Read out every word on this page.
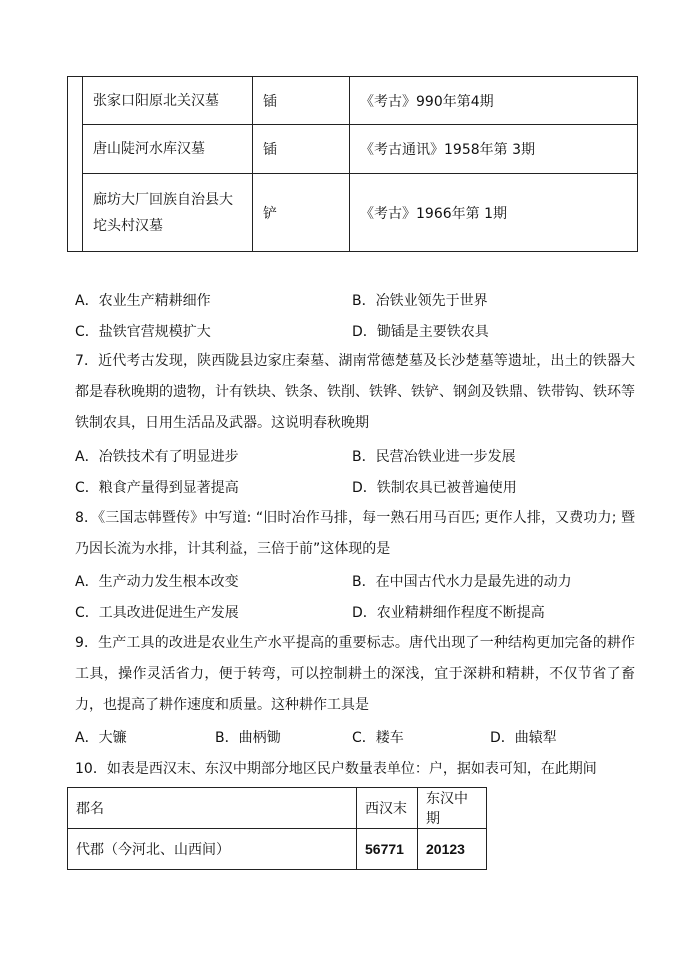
	张家口阳原北关汉墓	锸	《考古》990年第4期
	唐山陡河水库汉墓	锸	《考古通讯》1958年第 3期
	廊坊大厂回族自治县大坨头村汉墓	铲	《考古》1966年第 1期
A．农业生产精耕细作	B．冶铁业领先于世界
C．盐铁官营规模扩大	D．锄锸是主要铁农具
7．近代考古发现，陕西陇县边家庄秦墓、湖南常德楚墓及长沙楚墓等遗址，出土的铁器大都是春秋晚期的遗物，计有铁块、铁条、铁削、铁铧、铁铲、钢剑及铁鼎、铁带钩、铁环等铁制农具，日用生活品及武器。这说明春秋晚期
A．冶铁技术有了明显进步	B．民营冶铁业进一步发展
C．粮食产量得到显著提高	D．铁制农具已被普遍使用
8．《三国志韩暨传》中写道: “旧时冶作马排，每一熟石用马百匹; 更作人排，又费功力; 暨乃因长流为水排，计其利益，三倍于前”这体现的是
A．生产动力发生根本改变	B．在中国古代水力是最先进的动力
C．工具改进促进生产发展	D．农业精耕细作程度不断提高
9．生产工具的改进是农业生产水平提高的重要标志。唐代出现了一种结构更加完备的耕作工具，操作灵活省力，便于转弯，可以控制耕土的深浅，宜于深耕和精耕，不仅节省了畜力，也提高了耕作速度和质量。这种耕作工具是
A．大镰	B．曲柄锄	C．耧车	D．曲辕犁
10．如表是西汉末、东汉中期部分地区民户数量表单位：户，据如表可知，在此期间
郡名	西汉末	东汉中期
代郡（今河北、山西间）	56771	20123
